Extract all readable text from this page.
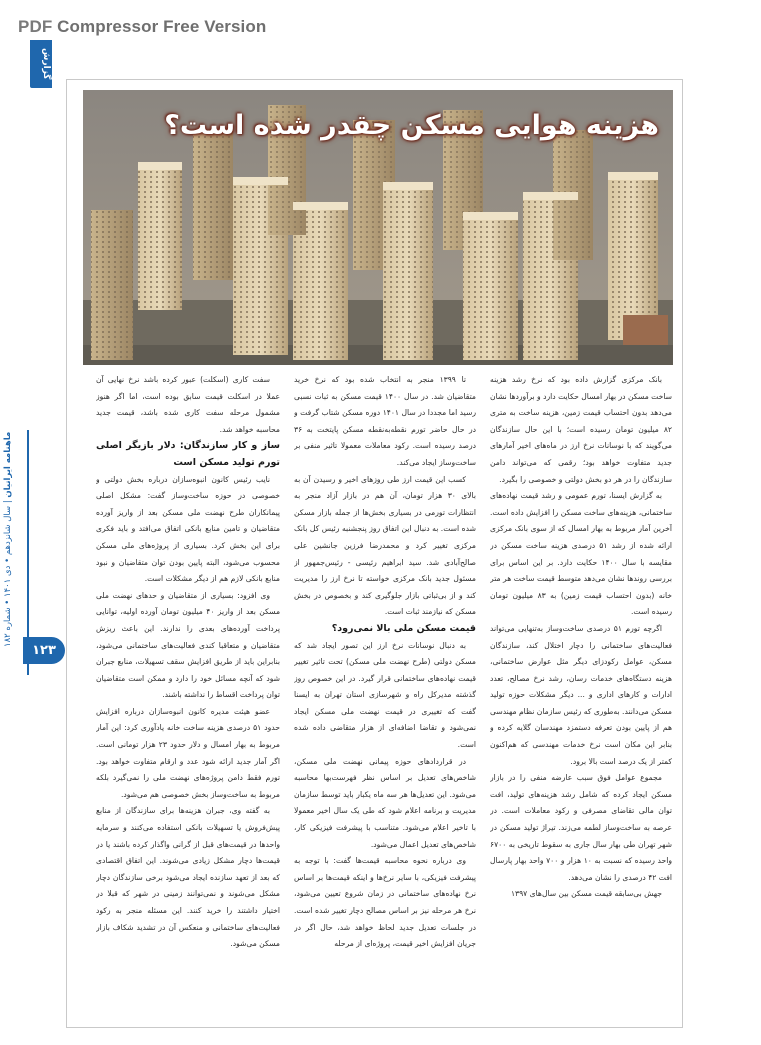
PDF Compressor Free Version
گزارش
ماهنامه ایرانیان | سال شانزدهم • دی ۱۴۰۱ • شماره ۱۸۲
۱۲۳
هزینه هوایی مسکن چقدر شده است؟

بانک مرکزی گزارش داده بود که نرخ رشد هزینه ساخت مسکن در بهار امسال حکایت دارد و برآوردها نشان می‌دهد بدون احتساب قیمت زمین، هزینه ساخت به متری ۸۲ میلیون تومان رسیده است؛ با این حال سازندگان می‌گویند که با نوسانات نرخ ارز در ماه‌های اخیر آمارهای جدید متفاوت خواهد بود؛ رقمی که می‌تواند دامن سازندگان را در هر دو بخش دولتی و خصوصی را بگیرد.

به گزارش ایسنا، تورم عمومی و رشد قیمت نهاده‌های ساختمانی، هزینه‌های ساخت مسکن را افزایش داده است. آخرین آمار مربوط به بهار امسال که از سوی بانک مرکزی ارائه شده از رشد ۵۱ درصدی هزینه ساخت مسکن در مقایسه با سال ۱۴۰۰ حکایت دارد. بر این اساس برای بررسی روندها نشان می‌دهد متوسط قیمت ساخت هر متر خانه (بدون احتساب قیمت زمین) به ۸۳ میلیون تومان رسیده است.

اگرچه تورم ۵۱ درصدی ساخت‌وساز به‌تنهایی می‌تواند فعالیت‌های ساختمانی را دچار اختلال کند، سازندگان مسکن، عوامل رکودزای دیگر مثل عوارض ساختمانی، هزینه دستگاه‌های خدمات رسان، رشد نرخ مصالح، تعدد ادارات و کارهای اداری و ... دیگر مشکلات حوزه تولید مسکن می‌دانند. به‌طوری که رئیس سازمان نظام مهندسی هم از پایین بودن تعرفه دستمزد مهندسان گلایه کرده و بنابر این مکان است نرخ خدمات مهندسی که هم‌اکنون کمتر از یک درصد است بالا برود.

مجموع عوامل فوق سبب عارضه منفی را در بازار مسکن ایجاد کرده که شامل رشد هزینه‌های تولید، افت توان مالی تقاضای مصرفی و رکود معاملات است. در عرصه به ساخت‌وساز لطمه می‌زند. تیراژ تولید مسکن در شهر تهران طی بهار سال جاری به سقوط تاریخی به ۶۷۰۰ واحد رسیده که نسبت به ۱۰ هزار و ۷۰۰ واحد بهار پارسال افت ۴۲ درصدی را نشان می‌دهد.

جهش بی‌سابقه قیمت مسکن بین سال‌های ۱۳۹۷

تا ۱۳۹۹ منجر به انتخاب شده بود که نرخ خرید متقاضیان شد. در سال ۱۴۰۰ قیمت مسکن به ثبات نسبی رسید اما مجددا در سال ۱۴۰۱ دوره مسکن شتاب گرفت و در حال حاضر تورم نقطه‌به‌نقطه مسکن پایتخت به ۳۶ درصد رسیده است. رکود معاملات معمولا تاثیر منفی بر ساخت‌وساز ایجاد می‌کند.

کسب این قیمت ارز طی روزهای اخیر و رسیدن آن به بالای ۳۰ هزار تومان، آن هم در بازار آزاد منجر به انتظارات تورمی در بسیاری بخش‌ها از جمله بازار مسکن شده است. به دنبال این اتفاق روز پنجشنبه رئیس کل بانک مرکزی تغییر کرد و محمدرضا فرزین جانشین علی صالح‌آبادی شد. سید ابراهیم رئیسی - رئیس‌جمهور از مسئول جدید بانک مرکزی خواسته تا نرخ ارز را مدیریت کند و از بی‌ثباتی بازار جلوگیری کند و بخصوص در بخش مسکن که نیازمند ثبات است.

قیمت مسکن ملی بالا نمی‌رود؟

به دنبال نوسانات نرخ ارز این تصور ایجاد شد که مسکن دولتی (طرح نهضت ملی مسکن) تحت تاثیر تغییر قیمت نهاده‌های ساختمانی قرار گیرد. در این خصوص روز گذشته مدیرکل راه و شهرسازی استان تهران به ایسنا گفت که تغییری در قیمت نهضت ملی مسکن ایجاد نمی‌شود و تقاضا اضافه‌ای از هزار متقاضی داده شده است.

در قراردادهای حوزه پیمانی نهضت ملی مسکن، شاخص‌های تعدیل بر اساس نظر فهرست‌بها محاسبه می‌شود. این تعدیل‌ها هر سه ماه یکبار باید توسط سازمان مدیریت و برنامه اعلام شود که طی یک سال اخیر معمولا با تاخیر اعلام می‌شود. متناسب با پیشرفت فیزیکی کار، شاخص‌های تعدیل اعمال می‌شود.

وی درباره نحوه محاسبه قیمت‌ها گفت: با توجه به پیشرفت فیزیکی، با سایر نرخ‌ها و اینکه قیمت‌ها بر اساس نرخ نهاده‌های ساختمانی در زمان شروع تعیین می‌شود، نرخ هر مرحله نیز بر اساس مصالح دچار تغییر شده است. در جلسات تعدیل جدید لحاظ خواهد شد، حال اگر در جریان افزایش اخیر قیمت، پروژه‌ای از مرحله

سفت کاری (اسکلت) عبور کرده باشد نرخ نهایی آن عملا در اسکلت قیمت سابق بوده است، اما اگر هنوز مشمول مرحله سفت کاری شده باشد، قیمت جدید محاسبه خواهد شد.

ساز و کار سازندگان: دلار بازیگر اصلی تورم تولید مسکن است

نایب رئیس کانون انبوه‌سازان درباره بخش دولتی و خصوصی در حوزه ساخت‌وساز گفت: مشکل اصلی پیمانکاران طرح نهضت ملی مسکن بعد از واریز آورده متقاضیان و تامین منابع بانکی اتفاق می‌افتد و باید فکری برای این بخش کرد. بسیاری از پروژه‌های ملی مسکن محسوب می‌شود، البته پایین بودن توان متقاضیان و نبود منابع بانکی لازم هم از دیگر مشکلات است.

وی افزود: بسیاری از متقاضیان و حدهای نهضت ملی مسکن بعد از واریز ۴۰ میلیون تومان آورده اولیه، توانایی پرداخت آورده‌های بعدی را ندارند. این باعث ریزش متقاضیان و متعاقبا کندی فعالیت‌های ساختمانی می‌شود، بنابراین باید از طریق افزایش سقف تسهیلات، منابع جبران شود که آنچه مسائل خود را دارد و ممکن است متقاضیان توان پرداخت اقساط را نداشته باشند.

عضو هیئت مدیره کانون انبوه‌سازان درباره افزایش حدود ۵۱ درصدی هزینه ساخت خانه یادآوری کرد: این آمار مربوط به بهار امسال و دلار حدود ۲۳ هزار تومانی است. اگر آمار جدید ارائه شود عدد و ارقام متفاوت خواهد بود. تورم فقط دامن پروژه‌های نهضت ملی را نمی‌گیرد بلکه مربوط به ساخت‌وساز بخش خصوصی هم می‌شود.

به گفته وی، جبران هزینه‌ها برای سازندگان از منابع پیش‌فروش یا تسهیلات بانکی استفاده می‌کنند و سرمایه واحدها در قیمت‌های قبل از گرانی واگذار کرده باشند یا در قیمت‌ها دچار مشکل زیادی می‌شوند. این اتفاق اقتصادی که بعد از تعهد سازنده ایجاد می‌شود برخی سازندگان دچار مشکل می‌شوند و نمی‌توانند زمینی در شهر که قبلا در اختیار داشتند را خرید کنند. این مسئله منجر به رکود فعالیت‌های ساختمانی و منعکس آن در تشدید شکاف بازار مسکن می‌شود.
